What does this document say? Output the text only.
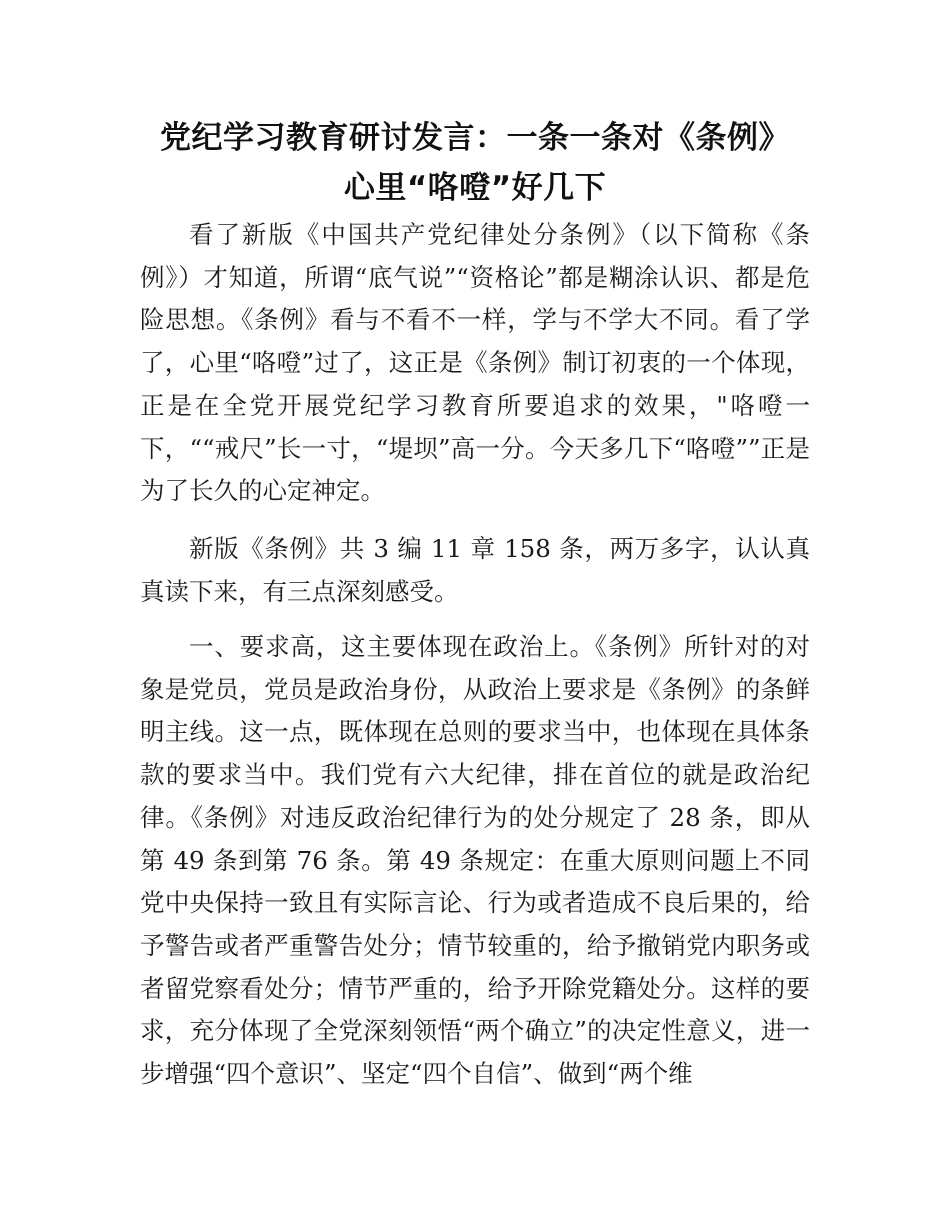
党纪学习教育研讨发言：一条一条对《条例》
心里“咯噔”好几下

看了新版《中国共产党纪律处分条例》（以下简称《条例》）才知道，所谓“底气说”“资格论”都是糊涂认识、都是危险思想。《条例》看与不看不一样，学与不学大不同。看了学了，心里“咯噔”过了，这正是《条例》制订初衷的一个体现，正是在全党开展党纪学习教育所要追求的效果，"咯噔一下，““戒尺”长一寸，“堤坝”高一分。今天多几下“咯噔””正是为了长久的心定神定。

新版《条例》共 3 编 11 章 158 条，两万多字，认认真真读下来，有三点深刻感受。

一、要求高，这主要体现在政治上。《条例》所针对的对象是党员，党员是政治身份，从政治上要求是《条例》的条鲜明主线。这一点，既体现在总则的要求当中，也体现在具体条款的要求当中。我们党有六大纪律，排在首位的就是政治纪律。《条例》对违反政治纪律行为的处分规定了 28 条，即从第 49 条到第 76 条。第 49 条规定：在重大原则问题上不同党中央保持一致且有实际言论、行为或者造成不良后果的，给予警告或者严重警告处分；情节较重的，给予撤销党内职务或者留党察看处分；情节严重的，给予开除党籍处分。这样的要求，充分体现了全党深刻领悟“两个确立”的决定性意义，进一步增强“四个意识”、坚定“四个自信”、做到“两个维
